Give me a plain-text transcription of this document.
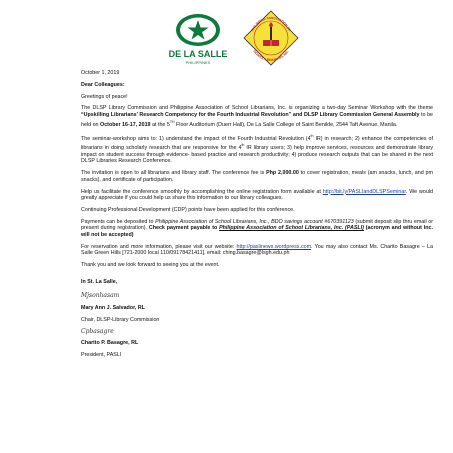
DE LA SALLE
PHILIPPINES
PHILIPPINE ASSOCIATION OF
SCHOOL LIBRARIANS, INC.

October 1, 2019

Dear Colleagues:

Greetings of peace!

The DLSP Library Commission and Philippine Association of School Librarians, Inc. is organizing a two-day Seminar Workshop with the theme “Upskilling Librarians' Research Competency for the Fourth Industrial Revolution” and DLSP Library Commission General Assembly to be held on October 16-17, 2019 at the 5TH Floor Auditorium (Duerr Hall), De La Salle College of Saint Benilde, 2544 Taft Avenue, Manila.

The seminar-workshop aims to: 1) understand the impact of the Fourth Industrial Revolution (4th IR) in research; 2) enhance the competencies of librarians in doing scholarly research that are responsive for the 4th IR library users; 3) help improve services, resources and demonstrate library impact on student success through evidence- based practice and research productivity; 4) produce research outputs that can be shared in the next DLSP Libraries Research Conference.

The invitation is open to all librarians and library staff. The conference fee is Php 2,000.00 to cover registration, meals (am snacks, lunch, and pm snacks), and certificate of participation.

Help us facilitate the conference smoothly by accomplishing the online registration form available at http://bit.ly/PASLIandDLSPSeminar. We would greatly appreciate if you could help us share this information to our library colleagues.

Continuing Professional Development (CDP) points have been applied for this conference.

Payments can be deposited to Philippine Association of School Librarians, Inc., BDO savings account #670391123 (submit deposit slip thru email or present during registration). Check payment payable to Philippine Association of School Librarians, Inc. (PASLI) (acronym and without Inc. will not be accepted)

For reservation and more information, please visit our website: http://paslinews.wordpress.com. You may also contact Ms. Charito Basagre – La Salle Green Hills [721-2000 local 110/09178421411], email: ching.basagre@lsgh.edu.ph

Thank you and we look forward to seeing you at the event.

In St. La Salle,

Mjsonhasam

Mary Ann J. Salvador, RL

Chair, DLSP-Library Commission

Cpbasagre

Charito P. Basagre, RL

President, PASLI
